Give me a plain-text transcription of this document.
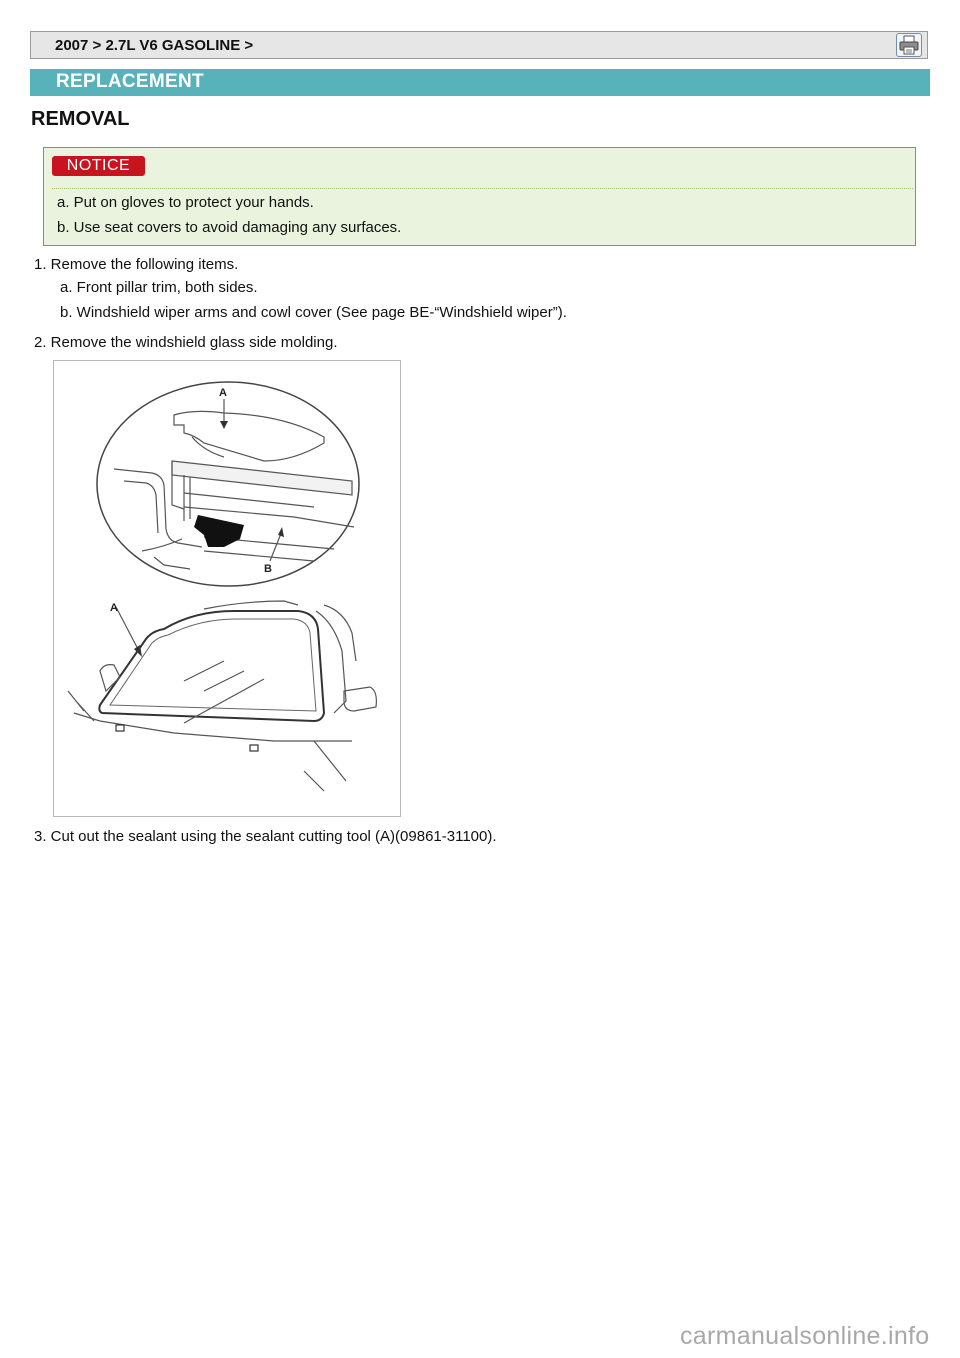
2007 > 2.7L V6 GASOLINE >
REPLACEMENT
REMOVAL
NOTICE
a. Put on gloves to protect your hands.
b. Use seat covers to avoid damaging any surfaces.
1. Remove the following items.
a. Front pillar trim, both sides.
b. Windshield wiper arms and cowl cover (See page BE-“Windshield wiper”).
2. Remove the windshield glass side molding.
A
B
A
3. Cut out the sealant using the sealant cutting tool (A)(09861-31100).
carmanualsonline.info
